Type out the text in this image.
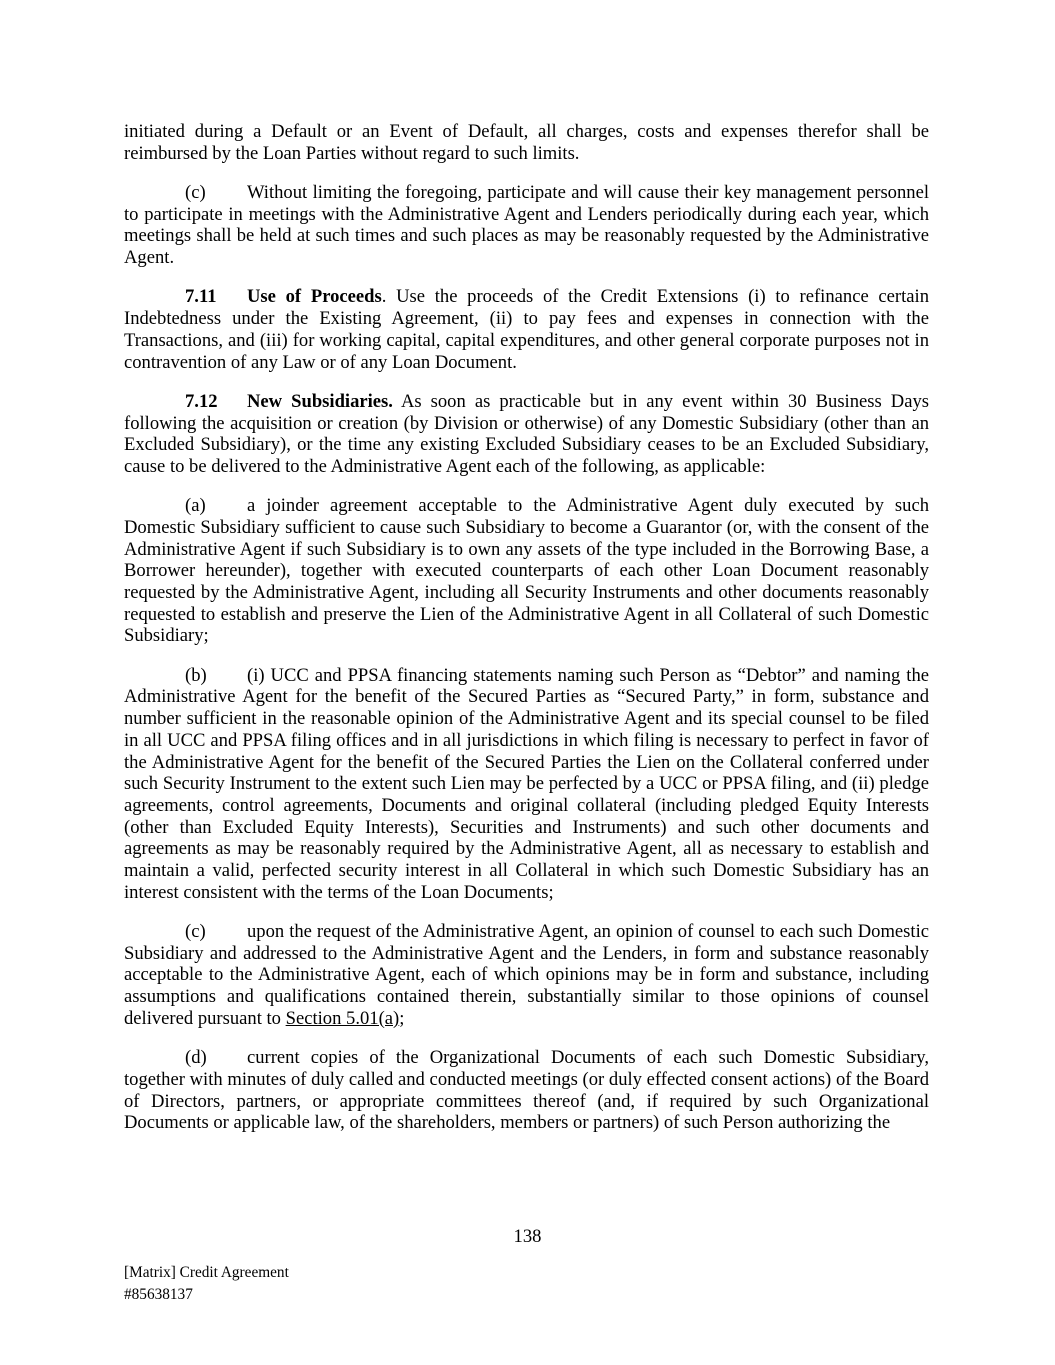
initiated during a Default or an Event of Default, all charges, costs and expenses therefor shall be reimbursed by the Loan Parties without regard to such limits.

(c) Without limiting the foregoing, participate and will cause their key management personnel to participate in meetings with the Administrative Agent and Lenders periodically during each year, which meetings shall be held at such times and such places as may be reasonably requested by the Administrative Agent.

7.11 Use of Proceeds. Use the proceeds of the Credit Extensions (i) to refinance certain Indebtedness under the Existing Agreement, (ii) to pay fees and expenses in connection with the Transactions, and (iii) for working capital, capital expenditures, and other general corporate purposes not in contravention of any Law or of any Loan Document.

7.12 New Subsidiaries. As soon as practicable but in any event within 30 Business Days following the acquisition or creation (by Division or otherwise) of any Domestic Subsidiary (other than an Excluded Subsidiary), or the time any existing Excluded Subsidiary ceases to be an Excluded Subsidiary, cause to be delivered to the Administrative Agent each of the following, as applicable:

(a) a joinder agreement acceptable to the Administrative Agent duly executed by such Domestic Subsidiary sufficient to cause such Subsidiary to become a Guarantor (or, with the consent of the Administrative Agent if such Subsidiary is to own any assets of the type included in the Borrowing Base, a Borrower hereunder), together with executed counterparts of each other Loan Document reasonably requested by the Administrative Agent, including all Security Instruments and other documents reasonably requested to establish and preserve the Lien of the Administrative Agent in all Collateral of such Domestic Subsidiary;

(b) (i) UCC and PPSA financing statements naming such Person as “Debtor” and naming the Administrative Agent for the benefit of the Secured Parties as “Secured Party,” in form, substance and number sufficient in the reasonable opinion of the Administrative Agent and its special counsel to be filed in all UCC and PPSA filing offices and in all jurisdictions in which filing is necessary to perfect in favor of the Administrative Agent for the benefit of the Secured Parties the Lien on the Collateral conferred under such Security Instrument to the extent such Lien may be perfected by a UCC or PPSA filing, and (ii) pledge agreements, control agreements, Documents and original collateral (including pledged Equity Interests (other than Excluded Equity Interests), Securities and Instruments) and such other documents and agreements as may be reasonably required by the Administrative Agent, all as necessary to establish and maintain a valid, perfected security interest in all Collateral in which such Domestic Subsidiary has an interest consistent with the terms of the Loan Documents;

(c) upon the request of the Administrative Agent, an opinion of counsel to each such Domestic Subsidiary and addressed to the Administrative Agent and the Lenders, in form and substance reasonably acceptable to the Administrative Agent, each of which opinions may be in form and substance, including assumptions and qualifications contained therein, substantially similar to those opinions of counsel delivered pursuant to Section 5.01(a);

(d) current copies of the Organizational Documents of each such Domestic Subsidiary, together with minutes of duly called and conducted meetings (or duly effected consent actions) of the Board of Directors, partners, or appropriate committees thereof (and, if required by such Organizational Documents or applicable law, of the shareholders, members or partners) of such Person authorizing the

138
[Matrix] Credit Agreement
#85638137
